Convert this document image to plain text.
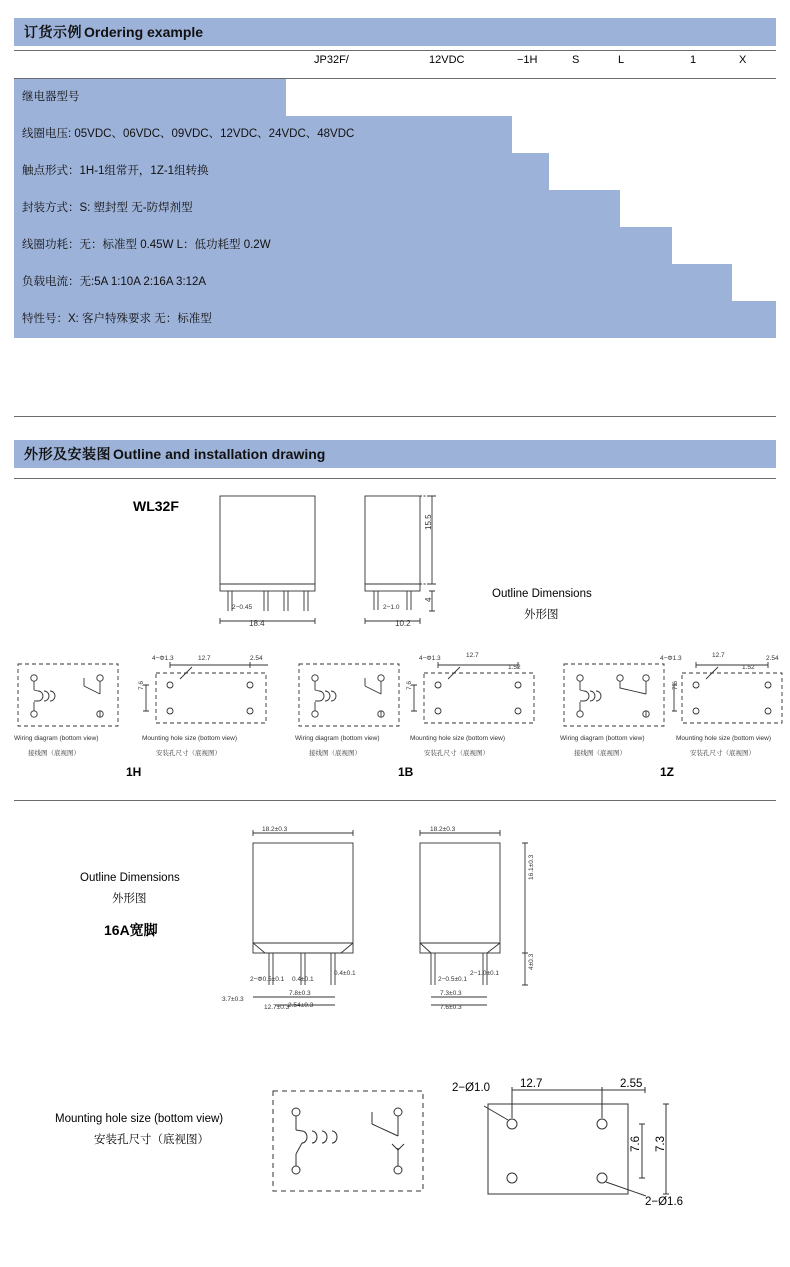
订货示例 Ordering example
JP32F/	12VDC	−1H	S	L	1	X
继电器型号
线圈电压: 05VDC、06VDC、09VDC、12VDC、24VDC、48VDC
触点形式：1H-1组常开，1Z-1组转换
封装方式：S: 塑封型 无-防焊剂型
线圈功耗：无：标准型 0.45W L：低功耗型 0.2W
负载电流：无:5A 1:10A 2:16A 3:12A
特性号：X: 客户特殊要求 无：标准型
外形及安装图 Outline and installation drawing
WL32F
2−0.45
18.4
2−1.0
10.2
15.5
4	Outline Dimensions
外形图
Wiring diagram (bottom view)
接线图（底视图）
4−Φ1.3	12.7	2.54
7.6
Mounting hole size (bottom view)
安装孔尺寸（底视图）
1H
Wiring diagram (bottom view)
接线图（底视图）
4−Φ1.3	12.7
1.52
7.6
Mounting hole size (bottom view)
安装孔尺寸（底视图）
1B
Wiring diagram (bottom view)
接线图（底视图）
4−Φ1.3	12.7
1.52
2.54
7.6
Mounting hole size (bottom view)
安装孔尺寸（底视图）
1Z
Outline Dimensions
外形图
16A宽脚
18.2±0.3	18.2±0.3
16.1±0.3
4±0.3
2−Φ0.5±0.1 0.4±0.1
0.4±0.1
7.8±0.3
3.7±0.3
12.7±0.3
2.54±0.3
2−0.5±0.1
2−1.0±0.1
7.3±0.3
7.6±0.3
Mounting hole size (bottom view)
安装孔尺寸（底视图）
2−Ø1.0
2−Ø1.6
12.7	2.55
7.6 7.3
